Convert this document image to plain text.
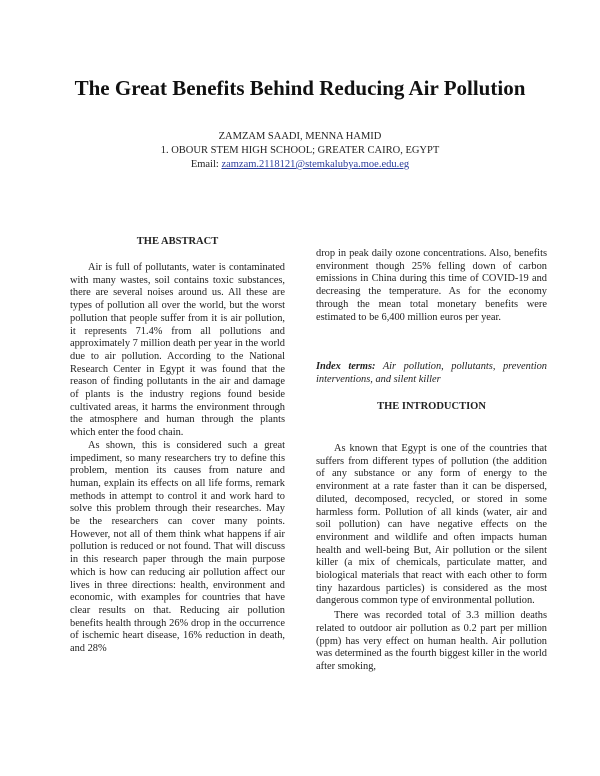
The Great Benefits Behind Reducing Air Pollution
ZAMZAM SAADI, MENNA HAMID
1. OBOUR STEM HIGH SCHOOL; GREATER CAIRO, EGYPT
Email: zamzam.2118121@stemkalubya.moe.edu.eg
THE ABSTRACT

Air is full of pollutants, water is contaminated with many wastes, soil contains toxic substances, there are several noises around us. All these are types of pollution all over the world, but the worst pollution that people suffer from it is air pollution, it represents 71.4% from all pollutions and approximately 7 million death per year in the world due to air pollution. According to the National Research Center in Egypt it was found that the reason of finding pollutants in the air and damage of plants is the industry regions found beside cultivated areas, it harms the environment through the atmosphere and human through the plants which enter the food chain.

As shown, this is considered such a great impediment, so many researchers try to define this problem, mention its causes from nature and human, explain its effects on all life forms, remark methods in attempt to control it and work hard to solve this problem through their researches. May be the researchers can cover many points. However, not all of them think what happens if air pollution is reduced or not found. That will discuss in this research paper through the main purpose which is how can reducing air pollution affect our lives in three directions: health, environment and economic, with examples for countries that have clear results on that. Reducing air pollution benefits health through 26% drop in the occurrence of ischemic heart disease, 16% reduction in death, and 28%

drop in peak daily ozone concentrations. Also, benefits environment though 25% felling down of carbon emissions in China during this time of COVID-19 and decreasing the temperature. As for the economy through the mean total monetary benefits were estimated to be 6,400 million euros per year.

Index terms: Air pollution, pollutants, prevention interventions, and silent killer
THE INTRODUCTION

As known that Egypt is one of the countries that suffers from different types of pollution (the addition of any substance or any form of energy to the environment at a rate faster than it can be dispersed, diluted, decomposed, recycled, or stored in some harmless form. Pollution of all kinds (water, air and soil pollution) can have negative effects on the environment and wildlife and often impacts human health and well-being But, Air pollution or the silent killer (a mix of chemicals, particulate matter, and biological materials that react with each other to form tiny hazardous particles) is considered as the most dangerous common type of environmental pollution.

There was recorded total of 3.3 million deaths related to outdoor air pollution as 0.2 part per million (ppm) has very effect on human health. Air pollution was determined as the fourth biggest killer in the world after smoking,
